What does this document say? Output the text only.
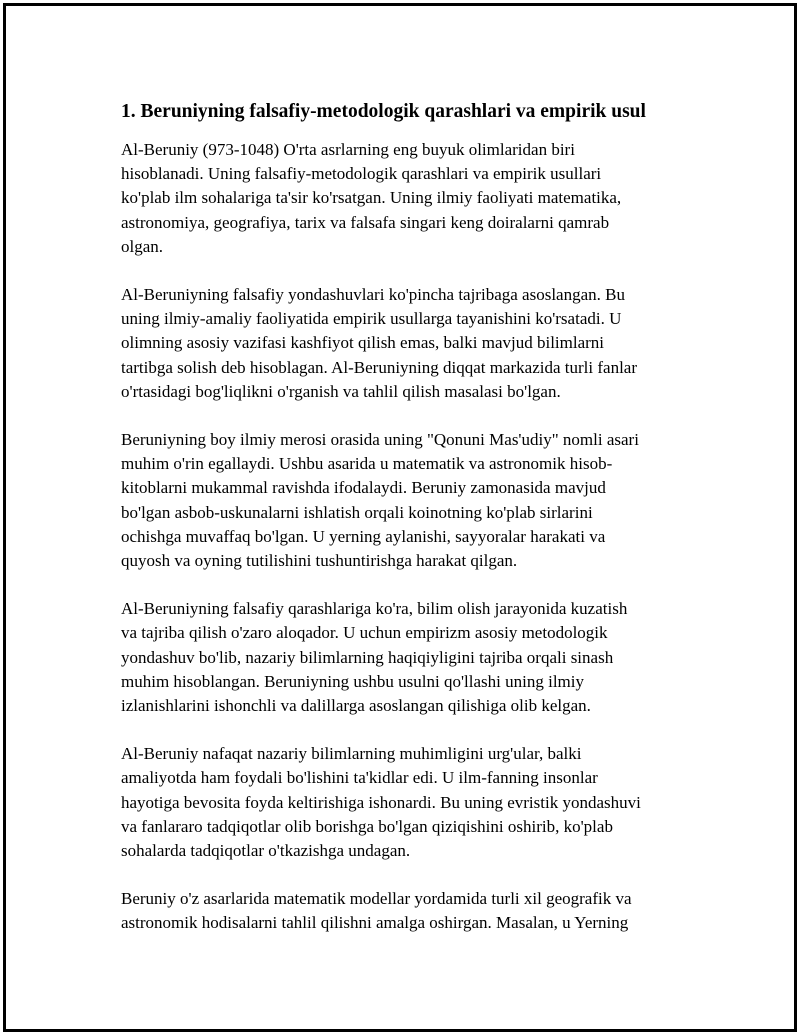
1. Beruniyning falsafiy-metodologik qarashlari va empirik usul
Al-Beruniy (973-1048) O'rta asrlarning eng buyuk olimlaridan biri
hisoblanadi. Uning falsafiy-metodologik qarashlari va empirik usullari
ko'plab ilm sohalariga ta'sir ko'rsatgan. Uning ilmiy faoliyati matematika,
astronomiya, geografiya, tarix va falsafa singari keng doiralarni qamrab
olgan.
Al-Beruniyning falsafiy yondashuvlari ko'pincha tajribaga asoslangan. Bu
uning ilmiy-amaliy faoliyatida empirik usullarga tayanishini ko'rsatadi. U
olimning asosiy vazifasi kashfiyot qilish emas, balki mavjud bilimlarni
tartibga solish deb hisoblagan. Al-Beruniyning diqqat markazida turli fanlar
o'rtasidagi bog'liqlikni o'rganish va tahlil qilish masalasi bo'lgan.
Beruniyning boy ilmiy merosi orasida uning "Qonuni Mas'udiy" nomli asari
muhim o'rin egallaydi. Ushbu asarida u matematik va astronomik hisob-
kitoblarni mukammal ravishda ifodalaydi. Beruniy zamonasida mavjud
bo'lgan asbob-uskunalarni ishlatish orqali koinotning ko'plab sirlarini
ochishga muvaffaq bo'lgan. U yerning aylanishi, sayyoralar harakati va
quyosh va oyning tutilishini tushuntirishga harakat qilgan.
Al-Beruniyning falsafiy qarashlariga ko'ra, bilim olish jarayonida kuzatish
va tajriba qilish o'zaro aloqador. U uchun empirizm asosiy metodologik
yondashuv bo'lib, nazariy bilimlarning haqiqiyligini tajriba orqali sinash
muhim hisoblangan. Beruniyning ushbu usulni qo'llashi uning ilmiy
izlanishlarini ishonchli va dalillarga asoslangan qilishiga olib kelgan.
Al-Beruniy nafaqat nazariy bilimlarning muhimligini urg'ular, balki
amaliyotda ham foydali bo'lishini ta'kidlar edi. U ilm-fanning insonlar
hayotiga bevosita foyda keltirishiga ishonardi. Bu uning evristik yondashuvi
va fanlararo tadqiqotlar olib borishga bo'lgan qiziqishini oshirib, ko'plab
sohalarda tadqiqotlar o'tkazishga undagan.
Beruniy o'z asarlarida matematik modellar yordamida turli xil geografik va
astronomik hodisalarni tahlil qilishni amalga oshirgan. Masalan, u Yerning
